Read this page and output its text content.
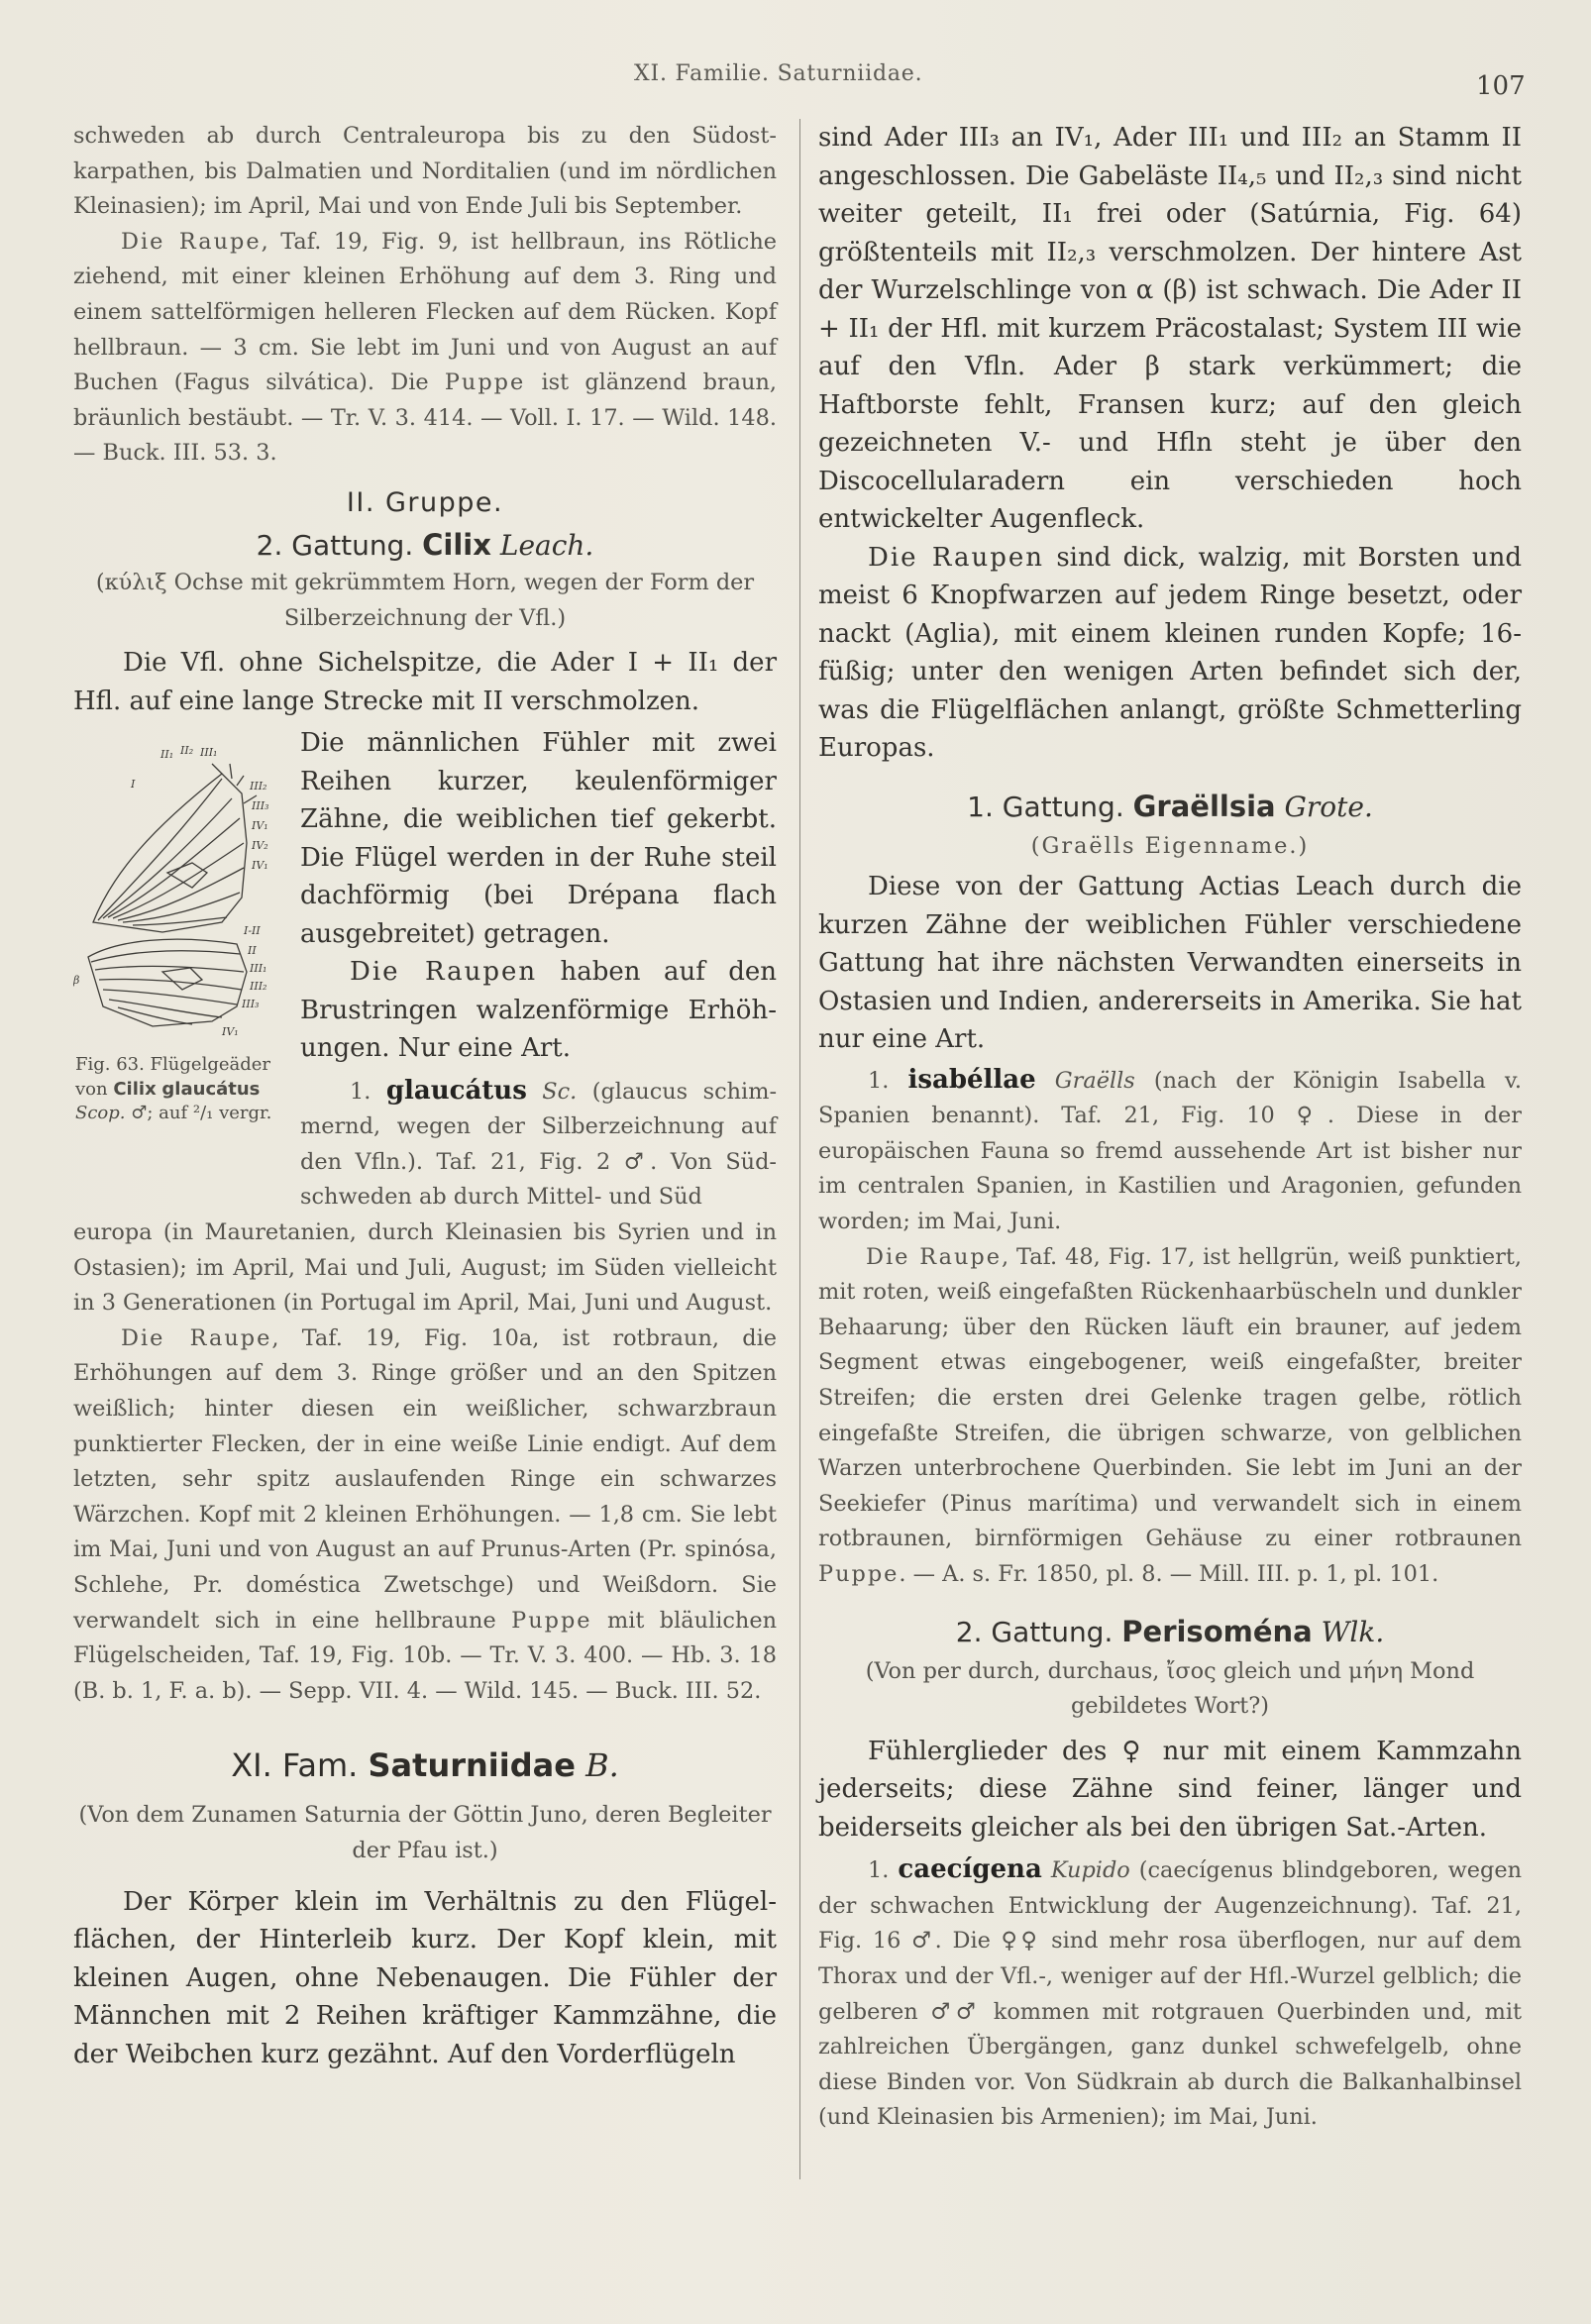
XI. Familie. Saturniidae.	107

schweden ab durch Centraleuropa bis zu den Südostkarpathen, bis Dalmatien und Norditalien (und im nördlichen Kleinasien); im April, Mai und von Ende Juli bis September.

Die Raupe, Taf. 19, Fig. 9, ist hellbraun, ins Rötliche ziehend, mit einer kleinen Erhöhung auf dem 3. Ring und einem sattelförmigen helleren Flecken auf dem Rücken. Kopf hellbraun. — 3 cm. Sie lebt im Juni und von August an auf Buchen (Fagus silvática). Die Puppe ist glänzend braun, bräunlich bestäubt. — Tr. V. 3. 414. — Voll. I. 17. — Wild. 148. — Buck. III. 53. 3.

II. Gruppe.
2. Gattung. Cilix Leach.

(κύλιξ Ochse mit gekrümmtem Horn, wegen der Form der Silberzeichnung der Vfl.)

Die Vfl. ohne Sichelspitze, die Ader I + II₁ der Hfl. auf eine lange Strecke mit II verschmolzen.

II₁ II₂ III₁
I	III₂
III₃
IV₁
IV₂
I-II
IV₁
β
II
III₁
III₂
III₃
IV₁
Fig. 63. Flügelgeäder von Cilix glaucátus Scop. ♂; auf ²/₁ vergr.

Die männlichen Fühler mit zwei Reihen kurzer, keulenförmiger Zähne, die weiblichen tief gekerbt. Die Flügel werden in der Ruhe steil dachförmig (bei Drépana flach ausgebreitet) getragen.

Die Raupen haben auf den Brustringen walzenförmige Erhöhungen. Nur eine Art.

1. glaucátus Sc. (glaucus schimmernd, wegen der Silberzeichnung auf den Vfln.). Taf. 21, Fig. 2 ♂. Von Südschweden ab durch Mittel- und Süd

europa (in Mauretanien, durch Kleinasien bis Syrien und in Ostasien); im April, Mai und Juli, August; im Süden vielleicht in 3 Generationen (in Portugal im April, Mai, Juni und August.

Die Raupe, Taf. 19, Fig. 10a, ist rotbraun, die Erhöhungen auf dem 3. Ringe größer und an den Spitzen weißlich; hinter diesen ein weißlicher, schwarzbraun punktierter Flecken, der in eine weiße Linie endigt. Auf dem letzten, sehr spitz auslaufenden Ringe ein schwarzes Wärzchen. Kopf mit 2 kleinen Erhöhungen. — 1,8 cm. Sie lebt im Mai, Juni und von August an auf Prunus-Arten (Pr. spinósa, Schlehe, Pr. doméstica Zwetschge) und Weißdorn. Sie verwandelt sich in eine hellbraune Puppe mit bläulichen Flügelscheiden, Taf. 19, Fig. 10b. — Tr. V. 3. 400. — Hb. 3. 18 (B. b. 1, F. a. b). — Sepp. VII. 4. — Wild. 145. — Buck. III. 52.

XI. Fam. Saturniidae B.

(Von dem Zunamen Saturnia der Göttin Juno, deren Begleiter der Pfau ist.)

Der Körper klein im Verhältnis zu den Flügelflächen, der Hinterleib kurz. Der Kopf klein, mit kleinen Augen, ohne Nebenaugen. Die Fühler der Männchen mit 2 Reihen kräftiger Kammzähne, die der Weibchen kurz gezähnt. Auf den Vorderflügeln

sind Ader III₃ an IV₁, Ader III₁ und III₂ an Stamm II angeschlossen. Die Gabeläste II₄,₅ und II₂,₃ sind nicht weiter geteilt, II₁ frei oder (Satúrnia, Fig. 64) größtenteils mit II₂,₃ verschmolzen. Der hintere Ast der Wurzelschlinge von α (β) ist schwach. Die Ader II + II₁ der Hfl. mit kurzem Präcostalast; System III wie auf den Vfln. Ader β stark verkümmert; die Haftborste fehlt, Fransen kurz; auf den gleich gezeichneten V.- und Hfln steht je über den Discocellularadern ein verschieden hoch entwickelter Augenfleck.

Die Raupen sind dick, walzig, mit Borsten und meist 6 Knopfwarzen auf jedem Ringe besetzt, oder nackt (Aglia), mit einem kleinen runden Kopfe; 16-füßig; unter den wenigen Arten befindet sich der, was die Flügelflächen anlangt, größte Schmetterling Europas.

1. Gattung. Graëllsia Grote.

(Graëlls Eigenname.)

Diese von der Gattung Actias Leach durch die kurzen Zähne der weiblichen Fühler verschiedene Gattung hat ihre nächsten Verwandten einerseits in Ostasien und Indien, andererseits in Amerika. Sie hat nur eine Art.

1. isabéllae Graëlls (nach der Königin Isabella v. Spanien benannt). Taf. 21, Fig. 10 ♀. Diese in der europäischen Fauna so fremd aussehende Art ist bisher nur im centralen Spanien, in Kastilien und Aragonien, gefunden worden; im Mai, Juni.

Die Raupe, Taf. 48, Fig. 17, ist hellgrün, weiß punktiert, mit roten, weiß eingefaßten Rückenhaarbüscheln und dunkler Behaarung; über den Rücken läuft ein brauner, auf jedem Segment etwas eingebogener, weiß eingefaßter, breiter Streifen; die ersten drei Gelenke tragen gelbe, rötlich eingefaßte Streifen, die übrigen schwarze, von gelblichen Warzen unterbrochene Querbinden. Sie lebt im Juni an der Seekiefer (Pinus marítima) und verwandelt sich in einem rotbraunen, birnförmigen Gehäuse zu einer rotbraunen Puppe. — A. s. Fr. 1850, pl. 8. — Mill. III. p. 1, pl. 101.

2. Gattung. Perisoména Wlk.

(Von per durch, durchaus, ἴσος gleich und μήνη Mond gebildetes Wort?)

Fühlerglieder des ♀ nur mit einem Kammzahn jederseits; diese Zähne sind feiner, länger und beiderseits gleicher als bei den übrigen Sat.-Arten.

1. caecígena Kupido (caecígenus blindgeboren, wegen der schwachen Entwicklung der Augenzeichnung). Taf. 21, Fig. 16 ♂. Die ♀♀ sind mehr rosa überflogen, nur auf dem Thorax und der Vfl.-, weniger auf der Hfl.-Wurzel gelblich; die gelberen ♂♂ kommen mit rotgrauen Querbinden und, mit zahlreichen Übergängen, ganz dunkel schwefelgelb, ohne diese Binden vor. Von Südkrain ab durch die Balkanhalbinsel (und Kleinasien bis Armenien); im Mai, Juni.
